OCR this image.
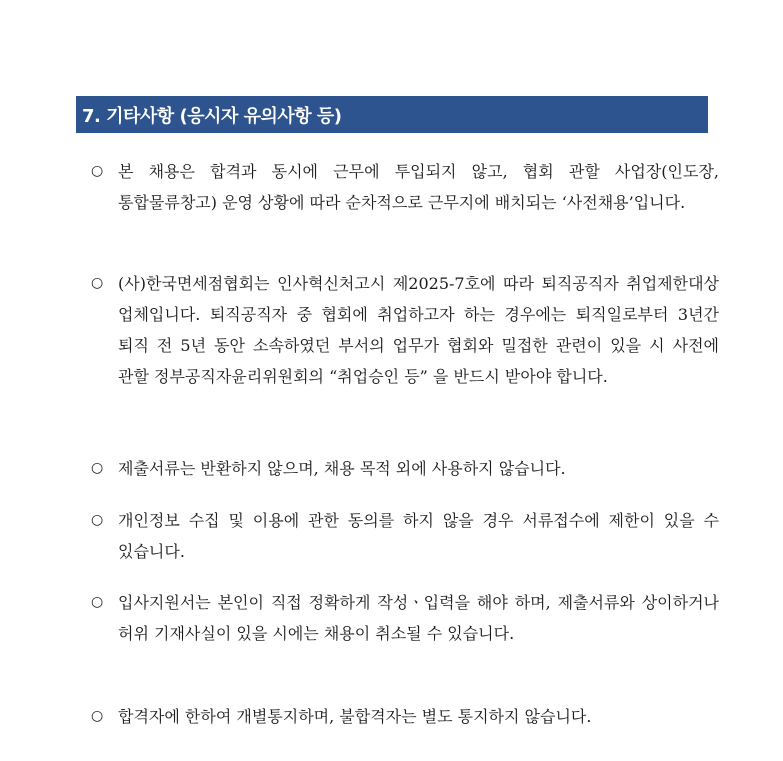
7. 기타사항 (응시자 유의사항 등)
○ 본 채용은 합격과 동시에 근무에 투입되지 않고, 협회 관할 사업장(인도장, 통합물류창고) 운영 상황에 따라 순차적으로 근무지에 배치되는 ‘사전채용’입니다.
○ (사)한국면세점협회는 인사혁신처고시 제2025-7호에 따라 퇴직공직자 취업제한대상 업체입니다. 퇴직공직자 중 협회에 취업하고자 하는 경우에는 퇴직일로부터 3년간 퇴직 전 5년 동안 소속하였던 부서의 업무가 협회와 밀접한 관련이 있을 시 사전에 관할 정부공직자윤리위원회의 “취업승인 등” 을 반드시 받아야 합니다.
○ 제출서류는 반환하지 않으며, 채용 목적 외에 사용하지 않습니다.
○ 개인정보 수집 및 이용에 관한 동의를 하지 않을 경우 서류접수에 제한이 있을 수 있습니다.
○ 입사지원서는 본인이 직접 정확하게 작성ㆍ입력을 해야 하며, 제출서류와 상이하거나 허위 기재사실이 있을 시에는 채용이 취소될 수 있습니다.
○ 합격자에 한하여 개별통지하며, 불합격자는 별도 통지하지 않습니다.
